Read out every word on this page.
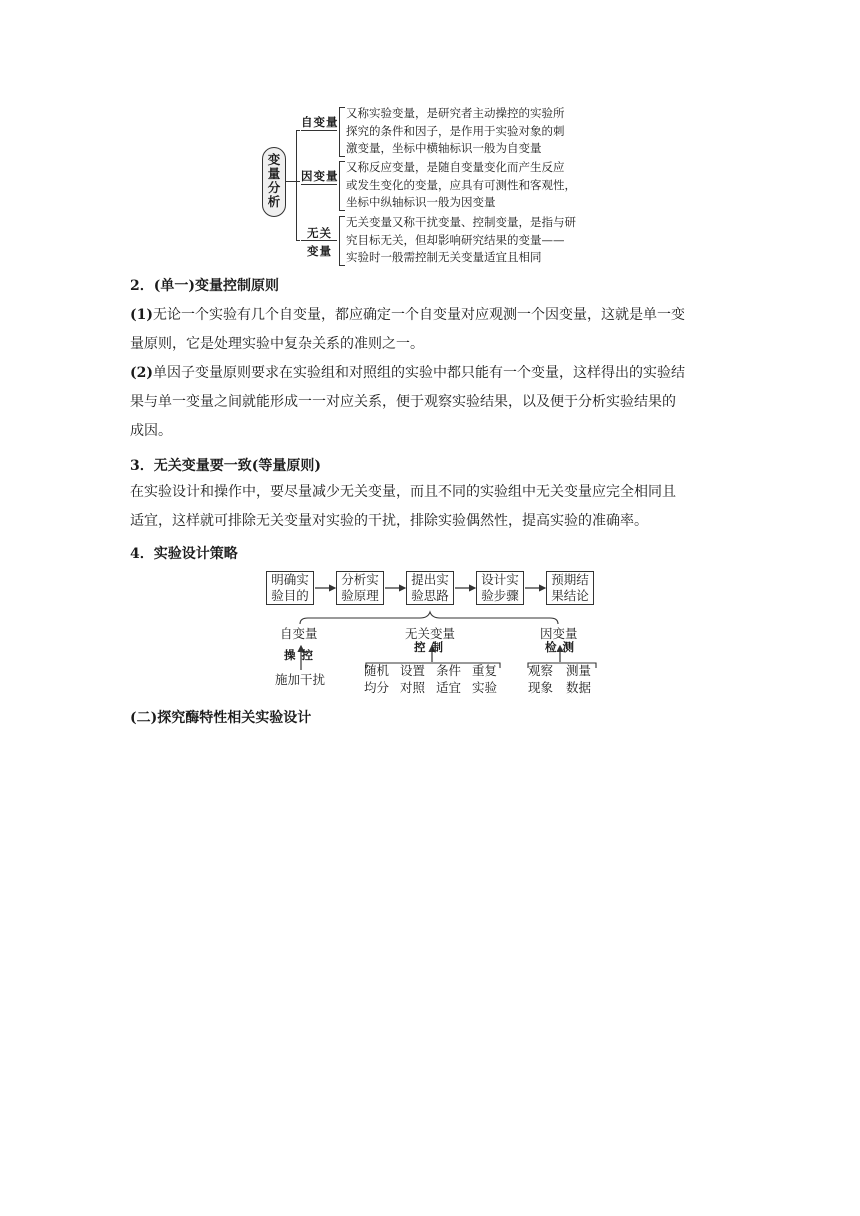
变
量
分
析
自变量
因变量
无关
变量
又称实验变量，是研究者主动操控的实验所
探究的条件和因子，是作用于实验对象的刺
激变量，坐标中横轴标识一般为自变量
又称反应变量，是随自变量变化而产生反应
或发生变化的变量，应具有可测性和客观性，
坐标中纵轴标识一般为因变量
无关变量又称干扰变量、控制变量，是指与研
究目标无关，但却影响研究结果的变量——
实验时一般需控制无关变量适宜且相同
2．(单一)变量控制原则
(1)无论一个实验有几个自变量，都应确定一个自变量对应观测一个因变量，这就是单一变
量原则，它是处理实验中复杂关系的准则之一。
(2)单因子变量原则要求在实验组和对照组的实验中都只能有一个变量，这样得出的实验结
果与单一变量之间就能形成一一对应关系，便于观察实验结果，以及便于分析实验结果的
成因。
3．无关变量要一致(等量原则)
在实验设计和操作中，要尽量减少无关变量，而且不同的实验组中无关变量应完全相同且
适宜，这样就可排除无关变量对实验的干扰，排除实验偶然性，提高实验的准确率。
4．实验设计策略
明确实
验目的
分析实
验原理
提出实
验思路
设计实
验步骤
预期结
果结论
自变量	无关变量	因变量
操控
控制	检测
施加干扰
随机
均分
设置
对照
条件
适宜
重复
实验
观察
现象
测量
数据
(二)探究酶特性相关实验设计
